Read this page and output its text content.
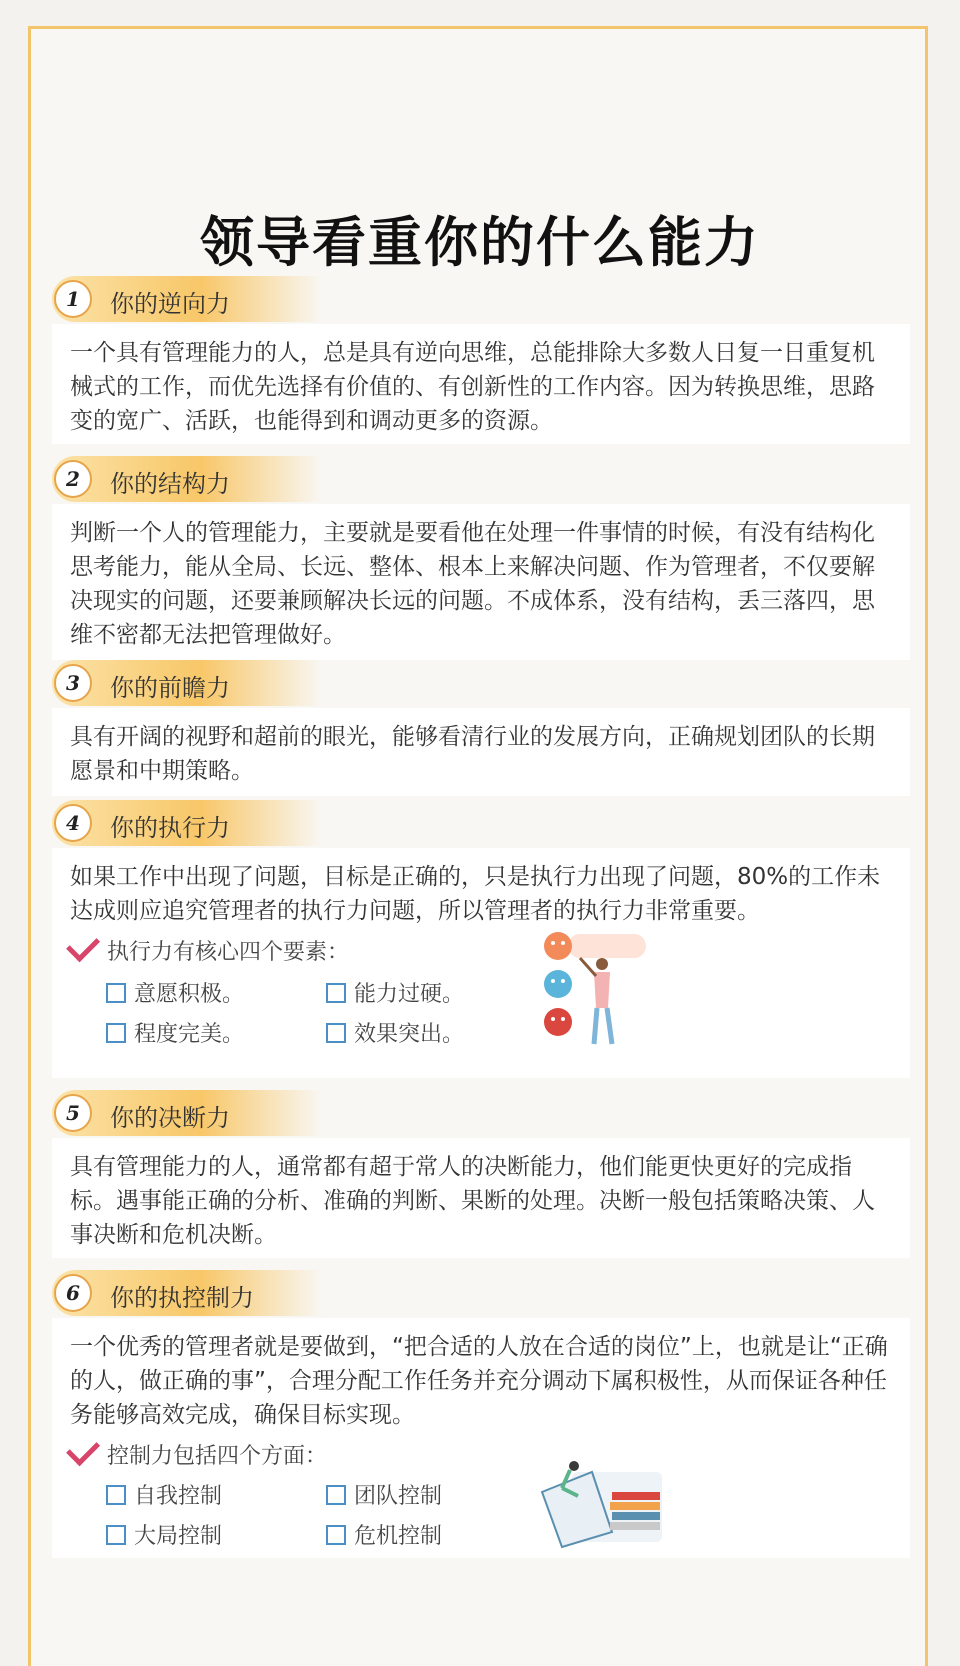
领导看重你的什么能力
1	你的逆向力
一个具有管理能力的人，总是具有逆向思维，总能排除大多数人日复一日重复机械式的工作，而优先选择有价值的、有创新性的工作内容。因为转换思维，思路变的宽广、活跃，也能得到和调动更多的资源。
2	你的结构力
判断一个人的管理能力，主要就是要看他在处理一件事情的时候，有没有结构化思考能力，能从全局、长远、整体、根本上来解决问题、作为管理者，不仅要解决现实的问题，还要兼顾解决长远的问题。不成体系，没有结构，丢三落四，思维不密都无法把管理做好。
3	你的前瞻力
具有开阔的视野和超前的眼光，能够看清行业的发展方向，正确规划团队的长期愿景和中期策略。
4	你的执行力
如果工作中出现了问题，目标是正确的，只是执行力出现了问题，80%的工作未达成则应追究管理者的执行力问题，所以管理者的执行力非常重要。
执行力有核心四个要素：
意愿积极。	能力过硬。
程度完美。	效果突出。
5	你的决断力
具有管理能力的人，通常都有超于常人的决断能力，他们能更快更好的完成指标。遇事能正确的分析、准确的判断、果断的处理。决断一般包括策略决策、人事决断和危机决断。
6	你的执控制力
一个优秀的管理者就是要做到，“把合适的人放在合适的岗位”上，也就是让“正确的人，做正确的事”，合理分配工作任务并充分调动下属积极性，从而保证各种任务能够高效完成，确保目标实现。
控制力包括四个方面：
自我控制	团队控制
大局控制	危机控制
